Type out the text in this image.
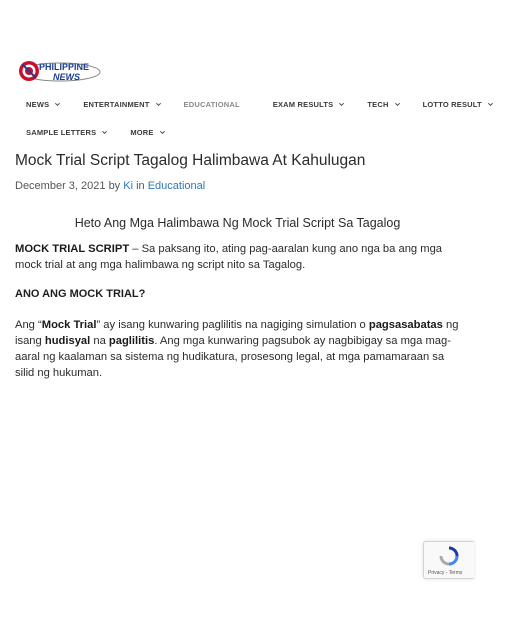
PHILIPPINE
NEWS
NEWS	ENTERTAINMENT	EDUCATIONAL	EXAM RESULTS	TECH	LOTTO RESULT
SAMPLE LETTERS	MORE
Mock Trial Script Tagalog Halimbawa At Kahulugan
December 3, 2021 by Ki in Educational
Heto Ang Mga Halimbawa Ng Mock Trial Script Sa Tagalog

MOCK TRIAL SCRIPT – Sa paksang ito, ating pag-aaralan kung ano nga ba ang mga mock trial at ang mga halimbawa ng script nito sa Tagalog.

ANO ANG MOCK TRIAL?

Ang “Mock Trial” ay isang kunwaring paglilitis na nagiging simulation o pagsasabatas ng isang hudisyal na paglilitis. Ang mga kunwaring pagsubok ay nagbibigay sa mga mag-aaral ng kaalaman sa sistema ng hudikatura, prosesong legal, at mga pamamaraan sa silid ng hukuman.

Privacy - Terms
